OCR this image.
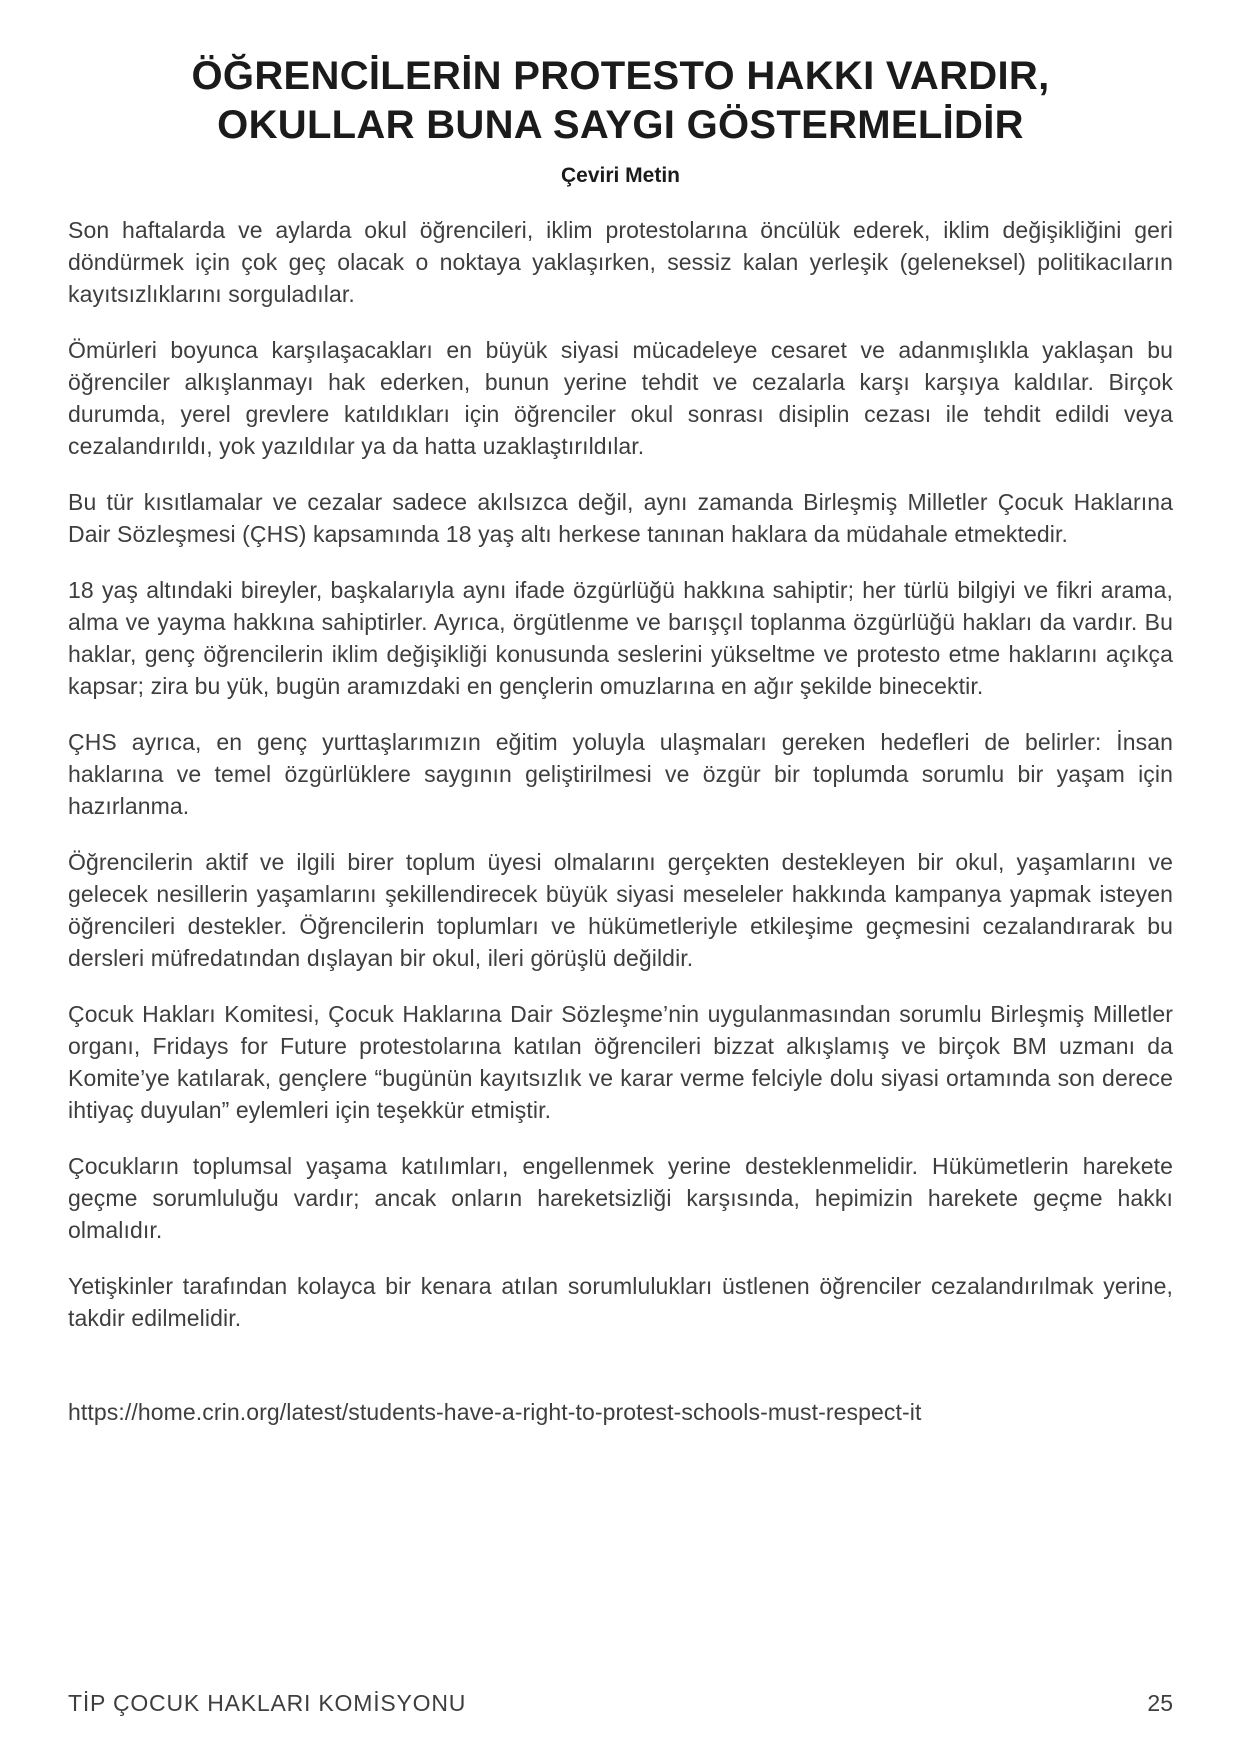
ÖĞRENCİLERİN PROTESTO HAKKI VARDIR,
OKULLAR BUNA SAYGI GÖSTERMELİDİR

Çeviri Metin

Son haftalarda ve aylarda okul öğrencileri, iklim protestolarına öncülük ederek, iklim değişikliğini geri döndürmek için çok geç olacak o noktaya yaklaşırken, sessiz kalan yerleşik (geleneksel) politikacıların kayıtsızlıklarını sorguladılar.

Ömürleri boyunca karşılaşacakları en büyük siyasi mücadeleye cesaret ve adanmışlıkla yaklaşan bu öğrenciler alkışlanmayı hak ederken, bunun yerine tehdit ve cezalarla karşı karşıya kaldılar. Birçok durumda, yerel grevlere katıldıkları için öğrenciler okul sonrası disiplin cezası ile tehdit edildi veya cezalandırıldı, yok yazıldılar ya da hatta uzaklaştırıldılar.

Bu tür kısıtlamalar ve cezalar sadece akılsızca değil, aynı zamanda Birleşmiş Milletler Çocuk Haklarına Dair Sözleşmesi (ÇHS) kapsamında 18 yaş altı herkese tanınan haklara da müdahale etmektedir.

18 yaş altındaki bireyler, başkalarıyla aynı ifade özgürlüğü hakkına sahiptir; her türlü bilgiyi ve fikri arama, alma ve yayma hakkına sahiptirler. Ayrıca, örgütlenme ve barışçıl toplanma özgürlüğü hakları da vardır. Bu haklar, genç öğrencilerin iklim değişikliği konusunda seslerini yükseltme ve protesto etme haklarını açıkça kapsar; zira bu yük, bugün aramızdaki en gençlerin omuzlarına en ağır şekilde binecektir.

ÇHS ayrıca, en genç yurttaşlarımızın eğitim yoluyla ulaşmaları gereken hedefleri de belirler: İnsan haklarına ve temel özgürlüklere saygının geliştirilmesi ve özgür bir toplumda sorumlu bir yaşam için hazırlanma.

Öğrencilerin aktif ve ilgili birer toplum üyesi olmalarını gerçekten destekleyen bir okul, yaşamlarını ve gelecek nesillerin yaşamlarını şekillendirecek büyük siyasi meseleler hakkında kampanya yapmak isteyen öğrencileri destekler. Öğrencilerin toplumları ve hükümetleriyle etkileşime geçmesini cezalandırarak bu dersleri müfredatından dışlayan bir okul, ileri görüşlü değildir.

Çocuk Hakları Komitesi, Çocuk Haklarına Dair Sözleşme’nin uygulanmasından sorumlu Birleşmiş Milletler organı, Fridays for Future protestolarına katılan öğrencileri bizzat alkışlamış ve birçok BM uzmanı da Komite’ye katılarak, gençlere “bugünün kayıtsızlık ve karar verme felciyle dolu siyasi ortamında son derece ihtiyaç duyulan” eylemleri için teşekkür etmiştir.

Çocukların toplumsal yaşama katılımları, engellenmek yerine desteklenmelidir. Hükümetlerin harekete geçme sorumluluğu vardır; ancak onların hareketsizliği karşısında, hepimizin harekete geçme hakkı olmalıdır.

Yetişkinler tarafından kolayca bir kenara atılan sorumlulukları üstlenen öğrenciler cezalandırılmak yerine, takdir edilmelidir.

https://home.crin.org/latest/students-have-a-right-to-protest-schools-must-respect-it
TİP ÇOCUK HAKLARI KOMİSYONU	25
